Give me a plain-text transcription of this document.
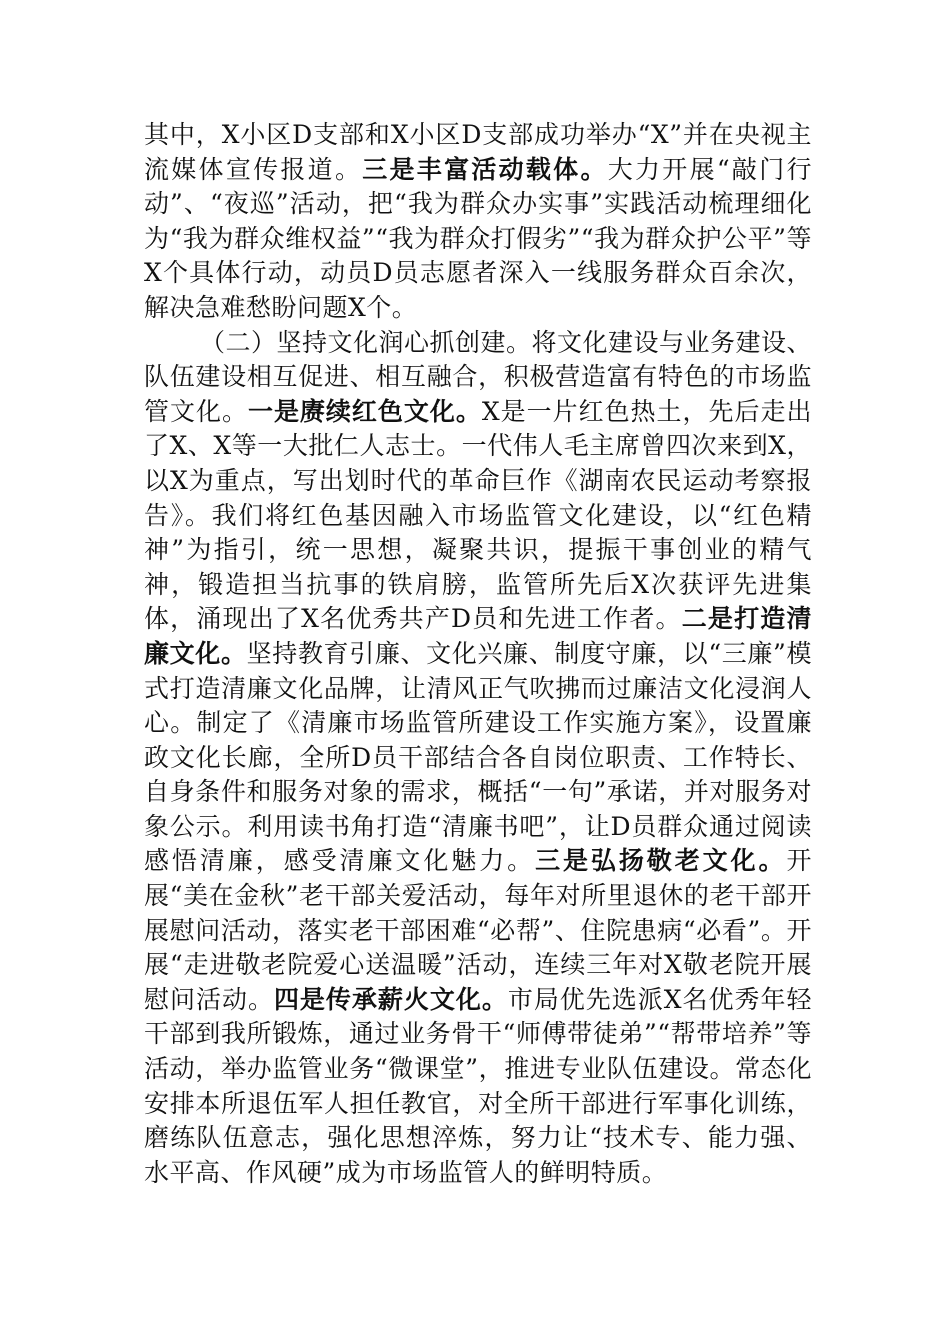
其中，X小区D支部和X小区D支部成功举办“X”并在央视主流媒体宣传报道。三是丰富活动载体。大力开展“敲门行动”、“夜巡”活动，把“我为群众办实事”实践活动梳理细化为“我为群众维权益”“我为群众打假劣”“我为群众护公平”等X个具体行动，动员D员志愿者深入一线服务群众百余次，解决急难愁盼问题X个。

（二）坚持文化润心抓创建。将文化建设与业务建设、队伍建设相互促进、相互融合，积极营造富有特色的市场监管文化。一是赓续红色文化。X是一片红色热土，先后走出了X、X等一大批仁人志士。一代伟人毛主席曾四次来到X，以X为重点，写出划时代的革命巨作《湖南农民运动考察报告》。我们将红色基因融入市场监管文化建设，以“红色精神”为指引，统一思想，凝聚共识，提振干事创业的精气神，锻造担当抗事的铁肩膀，监管所先后X次获评先进集体，涌现出了X名优秀共产D员和先进工作者。二是打造清廉文化。坚持教育引廉、文化兴廉、制度守廉，以“三廉”模式打造清廉文化品牌，让清风正气吹拂而过廉洁文化浸润人心。制定了《清廉市场监管所建设工作实施方案》，设置廉政文化长廊，全所D员干部结合各自岗位职责、工作特长、自身条件和服务对象的需求，概括“一句”承诺，并对服务对象公示。利用读书角打造“清廉书吧”，让D员群众通过阅读感悟清廉，感受清廉文化魅力。三是弘扬敬老文化。开展“美在金秋”老干部关爱活动，每年对所里退休的老干部开展慰问活动，落实老干部困难“必帮”、住院患病“必看”。开展“走进敬老院爱心送温暖”活动，连续三年对X敬老院开展慰问活动。四是传承薪火文化。市局优先选派X名优秀年轻干部到我所锻炼，通过业务骨干“师傅带徒弟”“帮带培养”等活动，举办监管业务“微课堂”，推进专业队伍建设。常态化安排本所退伍军人担任教官，对全所干部进行军事化训练，磨练队伍意志，强化思想淬炼，努力让“技术专、能力强、水平高、作风硬”成为市场监管人的鲜明特质。
